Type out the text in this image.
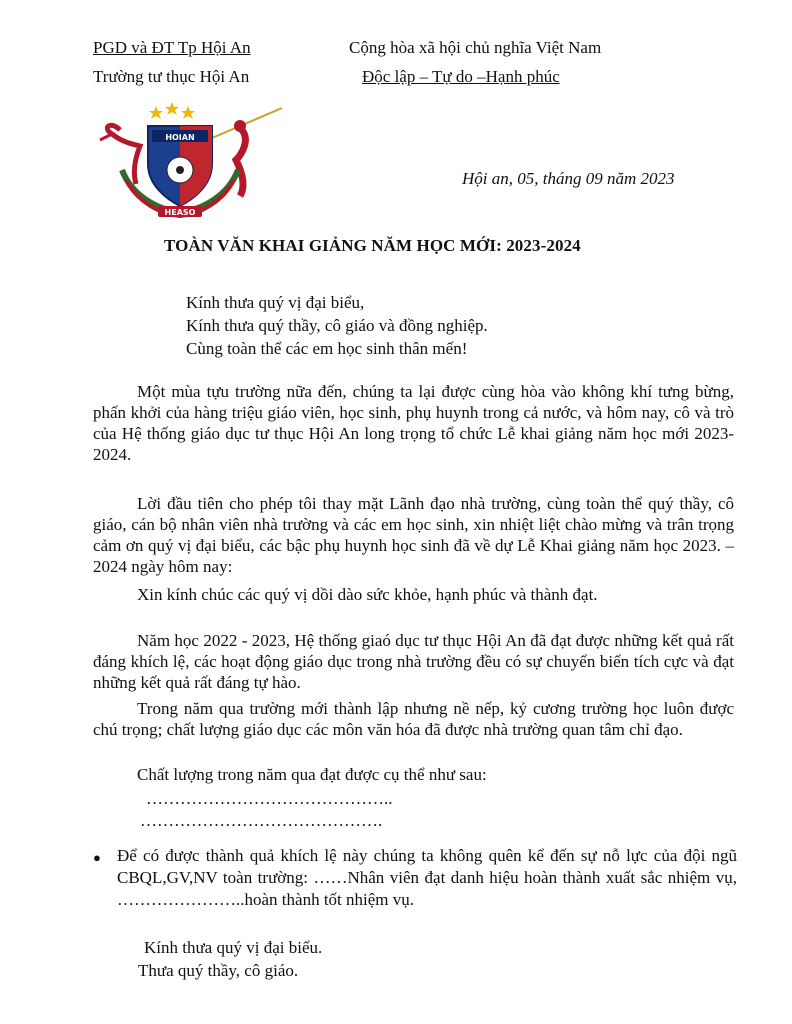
PGD và ĐT Tp Hội An
Trường tư thục Hội An
Cộng hòa xã hội chủ nghĩa Việt Nam
Độc lập – Tự do –Hạnh phúc
HOIAN
HEASO
Hội an, 05, tháng 09 năm 2023
TOÀN VĂN KHAI GIẢNG NĂM HỌC MỚI: 2023-2024
Kính thưa quý vị đại biểu,
Kính thưa quý thầy, cô giáo và đồng nghiệp.
Cùng toàn thể các em học sinh thân mến!

Một mùa tựu trường nữa đến, chúng ta lại được cùng hòa vào không khí tưng bừng, phấn khởi của hàng triệu giáo viên, học sinh, phụ huynh trong cả nước, và hôm nay, cô và trò của Hệ thống giáo dục tư thục Hội An long trọng tổ chức Lễ khai giảng năm học mới 2023-2024.

Lời đầu tiên cho phép tôi thay mặt Lãnh đạo nhà trường, cùng toàn thể quý thầy, cô giáo, cán bộ nhân viên nhà trường và các em học sinh, xin nhiệt liệt chào mừng và trân trọng cảm ơn quý vị đại biểu, các bậc phụ huynh học sinh đã về dự Lễ Khai giảng năm học 2023. – 2024 ngày hôm nay:

Xin kính chúc các quý vị dồi dào sức khỏe, hạnh phúc và thành đạt.

Năm học 2022 - 2023, Hệ thống giaó dục tư thục Hội An đã đạt được những kết quả rất đáng khích lệ, các hoạt động giáo dục trong nhà trường đều có sự chuyển biến tích cực và đạt những kết quả rất đáng tự hào.

Trong năm qua trường mới thành lập nhưng nề nếp, kỷ cương trường học luôn được chú trọng; chất lượng giáo dục các môn văn hóa đã được nhà trường quan tâm chỉ đạo.

Chất lượng trong năm qua đạt được cụ thể như sau:
……………………………………..
…………………………………….
● Để có được thành quả khích lệ này chúng ta không quên kể đến sự nỗ lực của đội ngũ CBQL,GV,NV toàn trường: ……Nhân viên đạt danh hiệu hoàn thành xuất sắc nhiệm vụ, …………………..hoàn thành tốt nhiệm vụ.
Kính thưa quý vị đại biểu.
Thưa quý thầy, cô giáo.
